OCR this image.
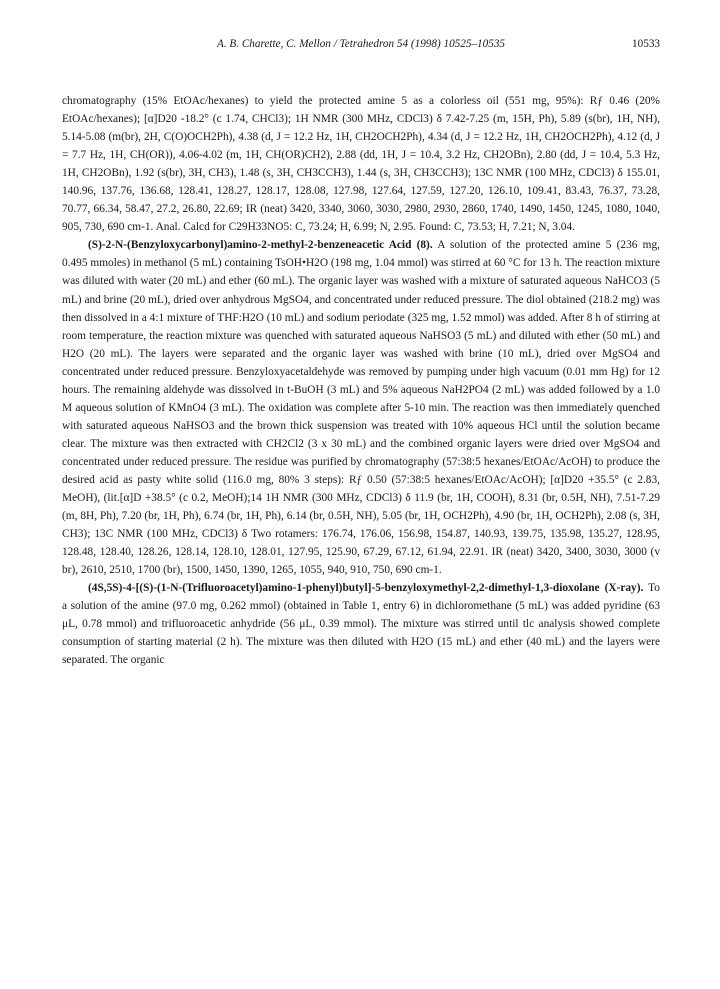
A. B. Charette, C. Mellon / Tetrahedron 54 (1998) 10525–10535	10533

chromatography (15% EtOAc/hexanes) to yield the protected amine 5 as a colorless oil (551 mg, 95%): Rƒ 0.46 (20% EtOAc/hexanes); [α]D20 -18.2° (c 1.74, CHCl3); 1H NMR (300 MHz, CDCl3) δ 7.42-7.25 (m, 15H, Ph), 5.89 (s(br), 1H, NH), 5.14-5.08 (m(br), 2H, C(O)OCH2Ph), 4.38 (d, J = 12.2 Hz, 1H, CH2OCH2Ph), 4.34 (d, J = 12.2 Hz, 1H, CH2OCH2Ph), 4.12 (d, J = 7.7 Hz, 1H, CH(OR)), 4.06-4.02 (m, 1H, CH(OR)CH2), 2.88 (dd, 1H, J = 10.4, 3.2 Hz, CH2OBn), 2.80 (dd, J = 10.4, 5.3 Hz, 1H, CH2OBn), 1.92 (s(br), 3H, CH3), 1.48 (s, 3H, CH3CCH3), 1.44 (s, 3H, CH3CCH3); 13C NMR (100 MHz, CDCl3) δ 155.01, 140.96, 137.76, 136.68, 128.41, 128.27, 128.17, 128.08, 127.98, 127.64, 127.59, 127.20, 126.10, 109.41, 83.43, 76.37, 73.28, 70.77, 66.34, 58.47, 27.2, 26.80, 22.69; IR (neat) 3420, 3340, 3060, 3030, 2980, 2930, 2860, 1740, 1490, 1450, 1245, 1080, 1040, 905, 730, 690 cm-1. Anal. Calcd for C29H33NO5: C, 73.24; H, 6.99; N, 2.95. Found: C, 73.53; H, 7.21; N, 3.04.

(S)-2-N-(Benzyloxycarbonyl)amino-2-methyl-2-benzeneacetic Acid (8). A solution of the protected amine 5 (236 mg, 0.495 mmoles) in methanol (5 mL) containing TsOH•H2O (198 mg, 1.04 mmol) was stirred at 60 °C for 13 h. The reaction mixture was diluted with water (20 mL) and ether (60 mL). The organic layer was washed with a mixture of saturated aqueous NaHCO3 (5 mL) and brine (20 mL), dried over anhydrous MgSO4, and concentrated under reduced pressure. The diol obtained (218.2 mg) was then dissolved in a 4:1 mixture of THF:H2O (10 mL) and sodium periodate (325 mg, 1.52 mmol) was added. After 8 h of stirring at room temperature, the reaction mixture was quenched with saturated aqueous NaHSO3 (5 mL) and diluted with ether (50 mL) and H2O (20 mL). The layers were separated and the organic layer was washed with brine (10 mL), dried over MgSO4 and concentrated under reduced pressure. Benzyloxyacetaldehyde was removed by pumping under high vacuum (0.01 mm Hg) for 12 hours. The remaining aldehyde was dissolved in t-BuOH (3 mL) and 5% aqueous NaH2PO4 (2 mL) was added followed by a 1.0 M aqueous solution of KMnO4 (3 mL). The oxidation was complete after 5-10 min. The reaction was then immediately quenched with saturated aqueous NaHSO3 and the brown thick suspension was treated with 10% aqueous HCl until the solution became clear. The mixture was then extracted with CH2Cl2 (3 x 30 mL) and the combined organic layers were dried over MgSO4 and concentrated under reduced pressure. The residue was purified by chromatography (57:38:5 hexanes/EtOAc/AcOH) to produce the desired acid as pasty white solid (116.0 mg, 80% 3 steps): Rƒ 0.50 (57:38:5 hexanes/EtOAc/AcOH); [α]D20 +35.5° (c 2.83, MeOH), (lit.[α]D +38.5° (c 0.2, MeOH);14 1H NMR (300 MHz, CDCl3) δ 11.9 (br, 1H, COOH), 8.31 (br, 0.5H, NH), 7.51-7.29 (m, 8H, Ph), 7.20 (br, 1H, Ph), 6.74 (br, 1H, Ph), 6.14 (br, 0.5H, NH), 5.05 (br, 1H, OCH2Ph), 4.90 (br, 1H, OCH2Ph), 2.08 (s, 3H, CH3); 13C NMR (100 MHz, CDCl3) δ Two rotamers: 176.74, 176.06, 156.98, 154.87, 140.93, 139.75, 135.98, 135.27, 128.95, 128.48, 128.40, 128.26, 128.14, 128.10, 128.01, 127.95, 125.90, 67.29, 67.12, 61.94, 22.91. IR (neat) 3420, 3400, 3030, 3000 (v br), 2610, 2510, 1700 (br), 1500, 1450, 1390, 1265, 1055, 940, 910, 750, 690 cm-1.

(4S,5S)-4-[(S)-(1-N-(Trifluoroacetyl)amino-1-phenyl)butyl]-5-benzyloxymethyl-2,2-dimethyl-1,3-dioxolane (X-ray). To a solution of the amine (97.0 mg, 0.262 mmol) (obtained in Table 1, entry 6) in dichloromethane (5 mL) was added pyridine (63 μL, 0.78 mmol) and trifluoroacetic anhydride (56 μL, 0.39 mmol). The mixture was stirred until tlc analysis showed complete consumption of starting material (2 h). The mixture was then diluted with H2O (15 mL) and ether (40 mL) and the layers were separated. The organic
